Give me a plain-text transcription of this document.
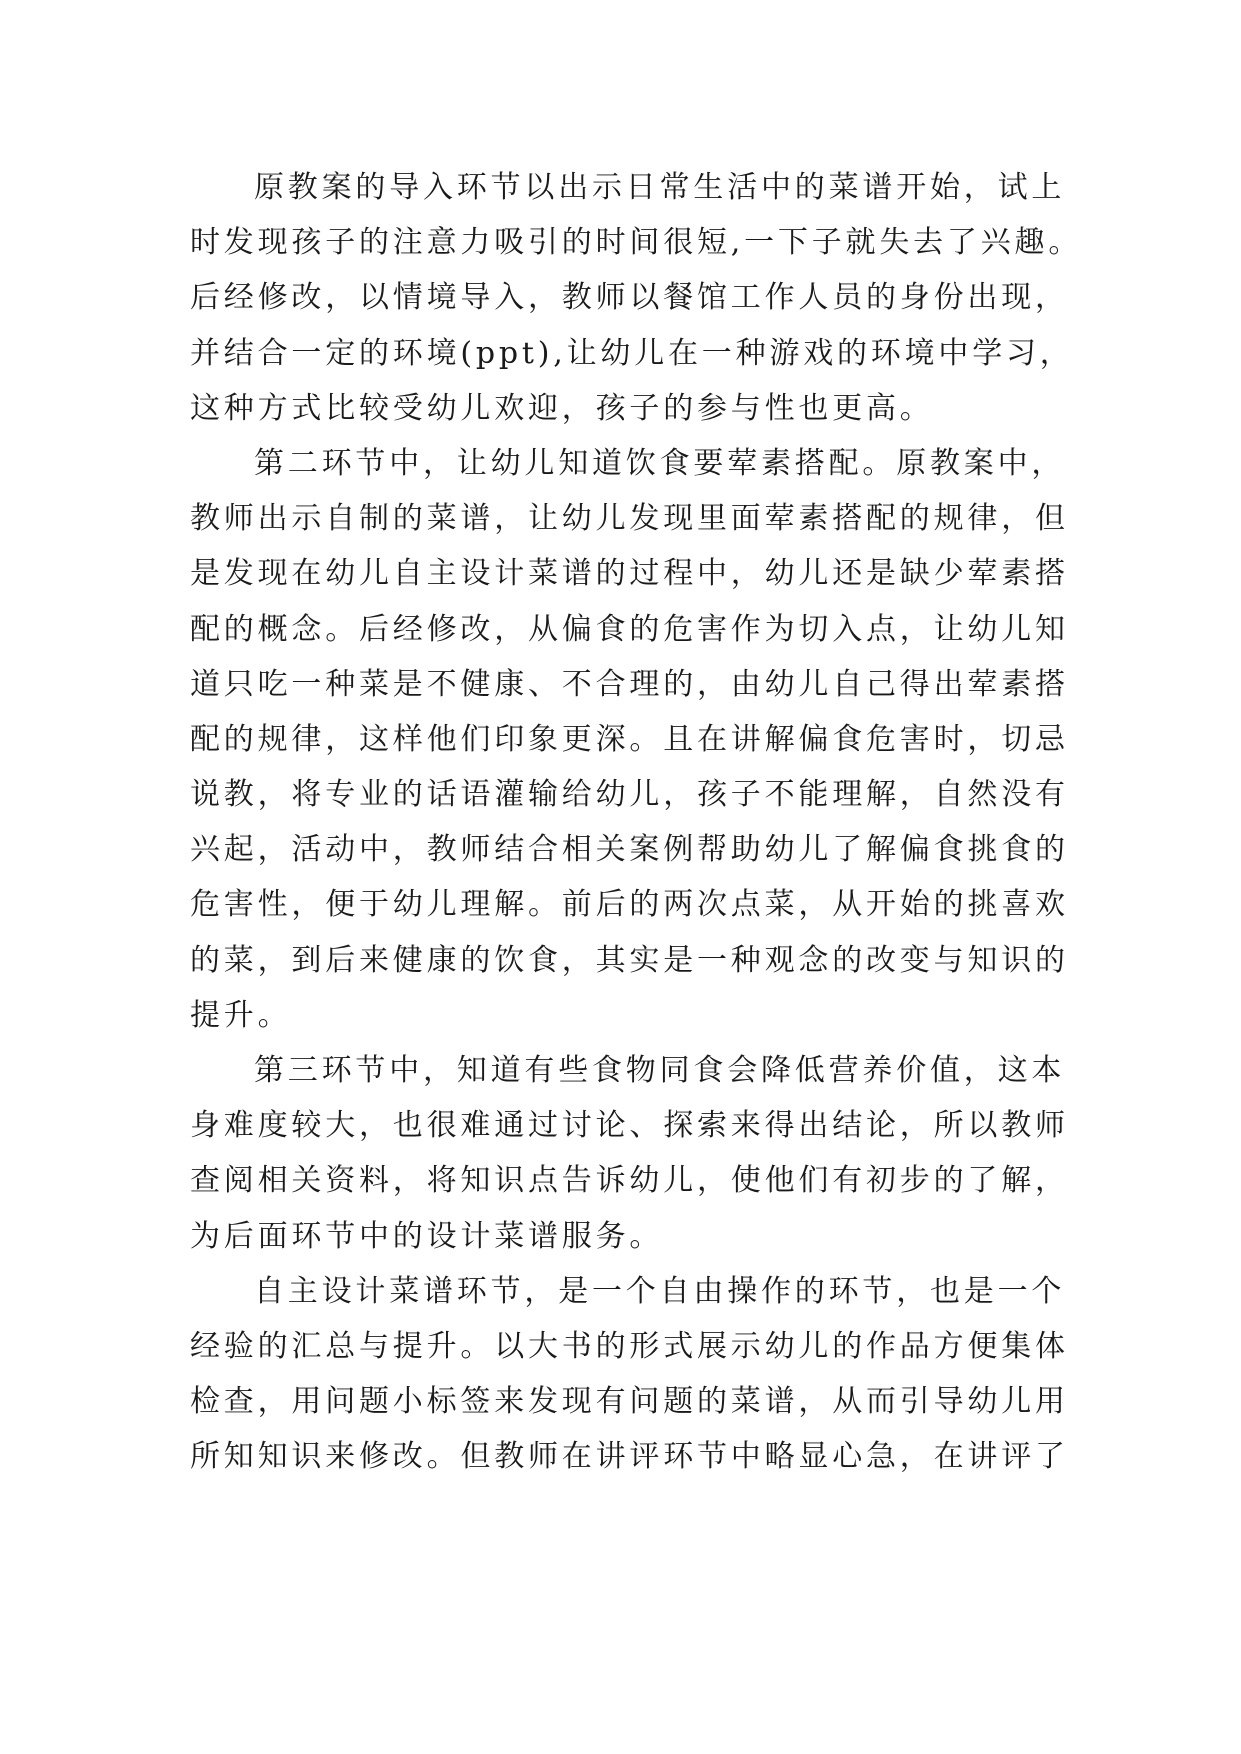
原教案的导入环节以出示日常生活中的菜谱开始，试上
时发现孩子的注意力吸引的时间很短,一下子就失去了兴趣。
后经修改，以情境导入，教师以餐馆工作人员的身份出现，
并结合一定的环境(ppt),让幼儿在一种游戏的环境中学习，
这种方式比较受幼儿欢迎，孩子的参与性也更高。
第二环节中，让幼儿知道饮食要荤素搭配。原教案中，
教师出示自制的菜谱，让幼儿发现里面荤素搭配的规律，但
是发现在幼儿自主设计菜谱的过程中，幼儿还是缺少荤素搭
配的概念。后经修改，从偏食的危害作为切入点，让幼儿知
道只吃一种菜是不健康、不合理的，由幼儿自己得出荤素搭
配的规律，这样他们印象更深。且在讲解偏食危害时，切忌
说教，将专业的话语灌输给幼儿，孩子不能理解，自然没有
兴起，活动中，教师结合相关案例帮助幼儿了解偏食挑食的
危害性，便于幼儿理解。前后的两次点菜，从开始的挑喜欢
的菜，到后来健康的饮食，其实是一种观念的改变与知识的
提升。
第三环节中，知道有些食物同食会降低营养价值，这本
身难度较大，也很难通过讨论、探索来得出结论，所以教师
查阅相关资料，将知识点告诉幼儿，使他们有初步的了解，
为后面环节中的设计菜谱服务。
自主设计菜谱环节，是一个自由操作的环节，也是一个
经验的汇总与提升。以大书的形式展示幼儿的作品方便集体
检查，用问题小标签来发现有问题的菜谱，从而引导幼儿用
所知知识来修改。但教师在讲评环节中略显心急，在讲评了
